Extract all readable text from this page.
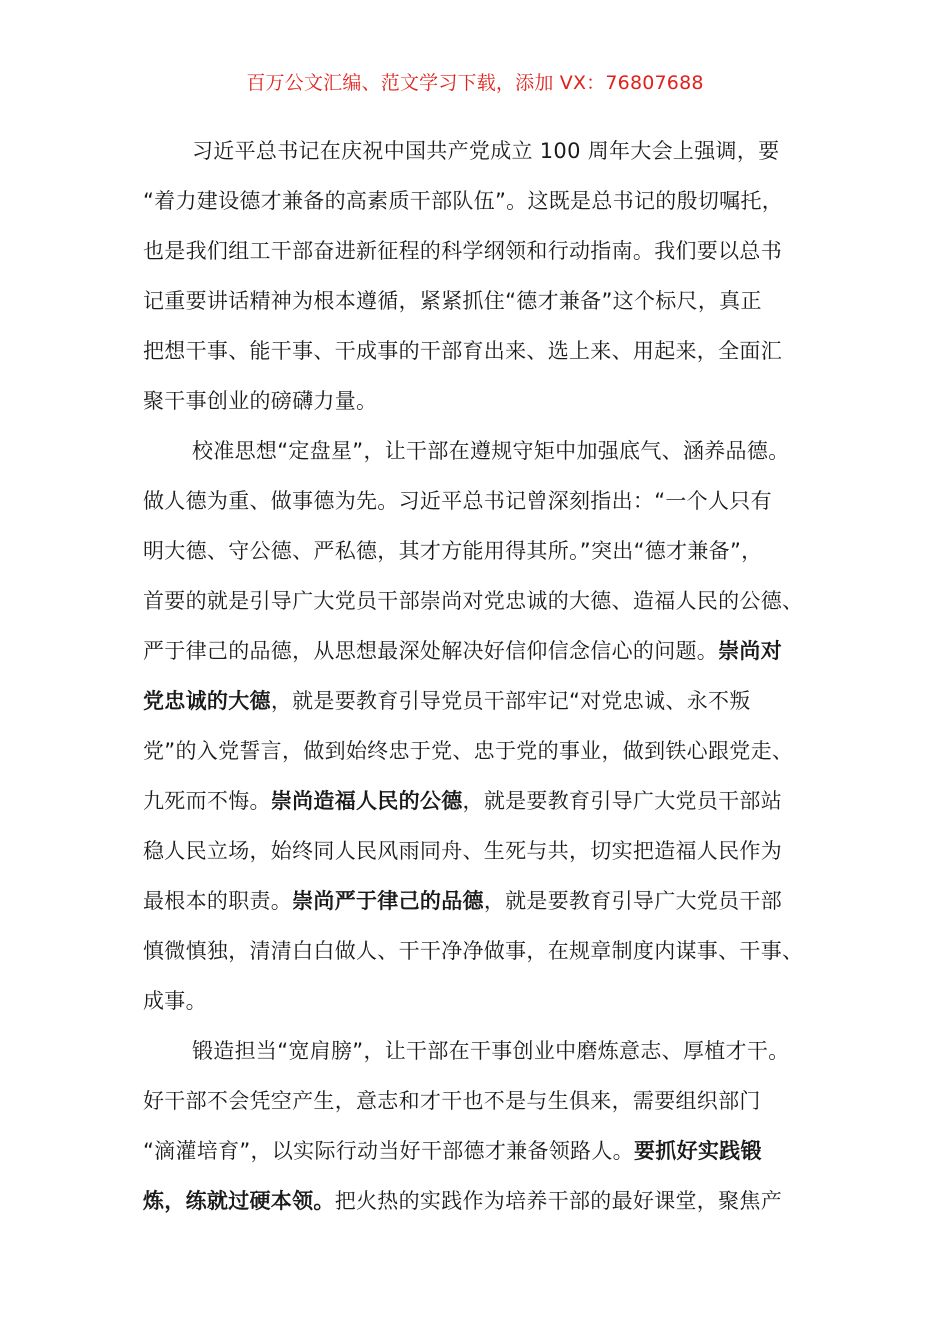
百万公文汇编、范文学习下载，添加 VX：76807688
习近平总书记在庆祝中国共产党成立 100 周年大会上强调，要
“着力建设德才兼备的高素质干部队伍”。这既是总书记的殷切嘱托，
也是我们组工干部奋进新征程的科学纲领和行动指南。我们要以总书
记重要讲话精神为根本遵循，紧紧抓住“德才兼备”这个标尺，真正
把想干事、能干事、干成事的干部育出来、选上来、用起来，全面汇
聚干事创业的磅礴力量。
校准思想“定盘星”，让干部在遵规守矩中加强底气、涵养品德。
做人德为重、做事德为先。习近平总书记曾深刻指出：“一个人只有
明大德、守公德、严私德，其才方能用得其所。”突出“德才兼备”，
首要的就是引导广大党员干部崇尚对党忠诚的大德、造福人民的公德、
严于律己的品德，从思想最深处解决好信仰信念信心的问题。崇尚对
党忠诚的大德，就是要教育引导党员干部牢记“对党忠诚、永不叛
党”的入党誓言，做到始终忠于党、忠于党的事业，做到铁心跟党走、
九死而不悔。崇尚造福人民的公德，就是要教育引导广大党员干部站
稳人民立场，始终同人民风雨同舟、生死与共，切实把造福人民作为
最根本的职责。崇尚严于律己的品德，就是要教育引导广大党员干部
慎微慎独，清清白白做人、干干净净做事，在规章制度内谋事、干事、
成事。
锻造担当“宽肩膀”，让干部在干事创业中磨炼意志、厚植才干。
好干部不会凭空产生，意志和才干也不是与生俱来，需要组织部门
“滴灌培育”，以实际行动当好干部德才兼备领路人。要抓好实践锻
炼，练就过硬本领。把火热的实践作为培养干部的最好课堂，聚焦产
